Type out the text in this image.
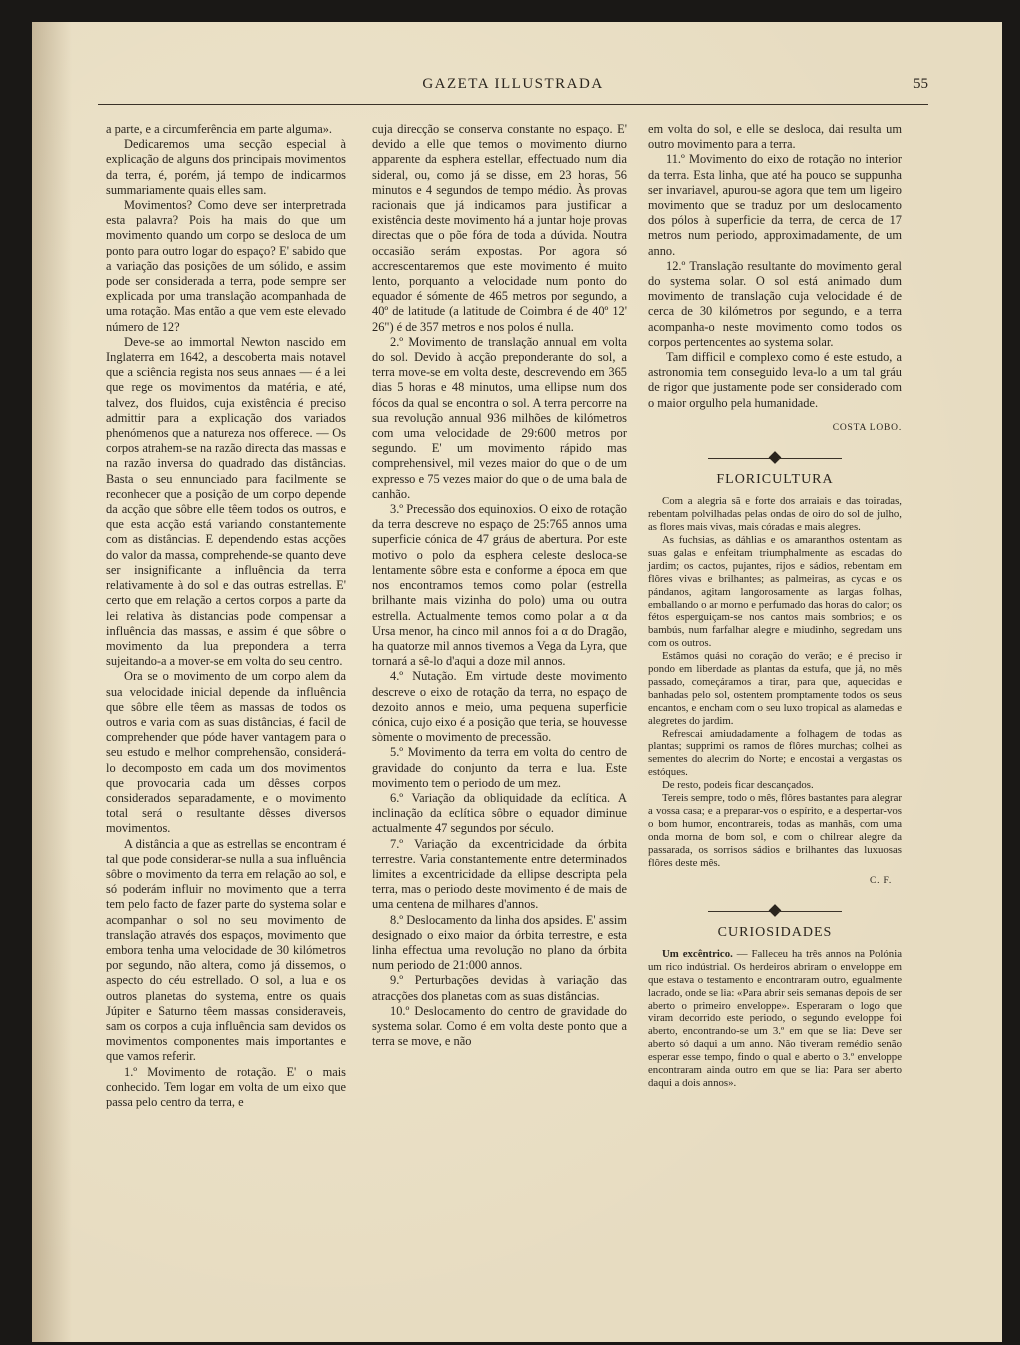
GAZETA ILLUSTRADA	55

a parte, e a circumferência em parte alguma».

Dedicaremos uma secção especial à explicação de alguns dos principais movimentos da terra, é, porém, já tempo de indicarmos summariamente quais elles sam.

Movimentos? Como deve ser interpretrada esta palavra? Pois ha mais do que um movimento quando um corpo se desloca de um ponto para outro logar do espaço? E' sabido que a variação das posições de um sólido, e assim pode ser considerada a terra, pode sempre ser explicada por uma translação acompanhada de uma rotação. Mas então a que vem este elevado número de 12?

Deve-se ao immortal Newton nascido em Inglaterra em 1642, a descoberta mais notavel que a sciência regista nos seus annaes — é a lei que rege os movimentos da matéria, e até, talvez, dos fluidos, cuja existência é preciso admittir para a explicação dos variados phenómenos que a natureza nos offerece. — Os corpos atrahem-se na razão directa das massas e na razão inversa do quadrado das distâncias. Basta o seu ennunciado para facilmente se reconhecer que a posição de um corpo depende da acção que sôbre elle têem todos os outros, e que esta acção está variando constantemente com as distâncias. E dependendo estas acções do valor da massa, comprehende-se quanto deve ser insignificante a influência da terra relativamente à do sol e das outras estrellas. E' certo que em relação a certos corpos a parte da lei relativa às distancias pode compensar a influência das massas, e assim é que sôbre o movimento da lua prepondera a terra sujeitando-a a mover-se em volta do seu centro.

Ora se o movimento de um corpo alem da sua velocidade inicial depende da influência que sôbre elle têem as massas de todos os outros e varia com as suas distâncias, é facil de comprehender que póde haver vantagem para o seu estudo e melhor comprehensão, considerá-lo decomposto em cada um dos movimentos que provocaria cada um dêsses corpos considerados separadamente, e o movimento total será o resultante dêsses diversos movimentos.

A distância a que as estrellas se encontram é tal que pode considerar-se nulla a sua influência sôbre o movimento da terra em relação ao sol, e só poderám influir no movimento que a terra tem pelo facto de fazer parte do systema solar e acompanhar o sol no seu movimento de translação através dos espaços, movimento que embora tenha uma velocidade de 30 kilómetros por segundo, não altera, como já dissemos, o aspecto do céu estrellado. O sol, a lua e os outros planetas do systema, entre os quais Júpiter e Saturno têem massas consideraveis, sam os corpos a cuja influência sam devidos os movimentos componentes mais importantes e que vamos referir.

1.º Movimento de rotação. E' o mais conhecido. Tem logar em volta de um eixo que passa pelo centro da terra, e

cuja direcção se conserva constante no espaço. E' devido a elle que temos o movimento diurno apparente da esphera estellar, effectuado num dia sideral, ou, como já se disse, em 23 horas, 56 minutos e 4 segundos de tempo médio. Às provas racionais que já indicamos para justificar a existência deste movimento há a juntar hoje provas directas que o põe fóra de toda a dúvida. Noutra occasião serám expostas. Por agora só accrescentaremos que este movimento é muito lento, porquanto a velocidade num ponto do equador é sómente de 465 metros por segundo, a 40º de latitude (a latitude de Coimbra é de 40º 12' 26") é de 357 metros e nos polos é nulla.

2.º Movimento de translação annual em volta do sol. Devido à acção preponderante do sol, a terra move-se em volta deste, descrevendo em 365 dias 5 horas e 48 minutos, uma ellipse num dos fócos da qual se encontra o sol. A terra percorre na sua revolução annual 936 milhões de kilómetros com uma velocidade de 29:600 metros por segundo. E' um movimento rápido mas comprehensivel, mil vezes maior do que o de um expresso e 75 vezes maior do que o de uma bala de canhão.

3.º Precessão dos equinoxios. O eixo de rotação da terra descreve no espaço de 25:765 annos uma superficie cónica de 47 gráus de abertura. Por este motivo o polo da esphera celeste desloca-se lentamente sôbre esta e conforme a época em que nos encontramos temos como polar (estrella brilhante mais vizinha do polo) uma ou outra estrella. Actualmente temos como polar a α da Ursa menor, ha cinco mil annos foi a α do Dragão, ha quatorze mil annos tivemos a Vega da Lyra, que tornará a sê-lo d'aqui a doze mil annos.

4.º Nutação. Em virtude deste movimento descreve o eixo de rotação da terra, no espaço de dezoito annos e meio, uma pequena superficie cónica, cujo eixo é a posição que teria, se houvesse sòmente o movimento de precessão.

5.º Movimento da terra em volta do centro de gravidade do conjunto da terra e lua. Este movimento tem o periodo de um mez.

6.º Variação da obliquidade da eclítica. A inclinação da eclítica sôbre o equador diminue actualmente 47 segundos por século.

7.º Variação da excentricidade da órbita terrestre. Varia constantemente entre determinados limites a excentricidade da ellipse descripta pela terra, mas o periodo deste movimento é de mais de uma centena de milhares d'annos.

8.º Deslocamento da linha dos apsides. E' assim designado o eixo maior da órbita terrestre, e esta linha effectua uma revolução no plano da órbita num periodo de 21:000 annos.

9.º Perturbações devidas à variação das atracções dos planetas com as suas distâncias.

10.º Deslocamento do centro de gravidade do systema solar. Como é em volta deste ponto que a terra se move, e não

em volta do sol, e elle se desloca, dai resulta um outro movimento para a terra.

11.º Movimento do eixo de rotação no interior da terra. Esta linha, que até ha pouco se suppunha ser invariavel, apurou-se agora que tem um ligeiro movimento que se traduz por um deslocamento dos pólos à superficie da terra, de cerca de 17 metros num periodo, approximadamente, de um anno.

12.º Translação resultante do movimento geral do systema solar. O sol está animado dum movimento de translação cuja velocidade é de cerca de 30 kilómetros por segundo, e a terra acompanha-o neste movimento como todos os corpos pertencentes ao systema solar.

Tam difficil e complexo como é este estudo, a astronomia tem conseguido leva-lo a um tal gráu de rigor que justamente pode ser considerado com o maior orgulho pela humanidade.

COSTA LOBO.
FLORICULTURA

Com a alegria sã e forte dos arraiais e das toiradas, rebentam polvilhadas pelas ondas de oiro do sol de julho, as flores mais vivas, mais córadas e mais alegres.

As fuchsias, as dáhlias e os amaranthos ostentam as suas galas e enfeitam triumphalmente as escadas do jardim; os cactos, pujantes, rijos e sádios, rebentam em flôres vivas e brilhantes; as palmeiras, as cycas e os pándanos, agitam langorosamente as largas folhas, emballando o ar morno e perfumado das horas do calor; os fétos esperguiçam-se nos cantos mais sombrios; e os bambús, num farfalhar alegre e miudinho, segredam uns com os outros.

Estâmos quási no coração do verão; e é preciso ir pondo em liberdade as plantas da estufa, que já, no mês passado, começáramos a tirar, para que, aquecidas e banhadas pelo sol, ostentem promptamente todos os seus encantos, e encham com o seu luxo tropical as alamedas e alegretes do jardim.

Refrescai amiudadamente a folhagem de todas as plantas; supprimi os ramos de flôres murchas; colhei as sementes do alecrim do Norte; e encostai a vergastas os estóques.

De resto, podeis ficar descançados.

Tereis sempre, todo o mês, flôres bastantes para alegrar a vossa casa; e a preparar-vos o espírito, e a despertar-vos o bom humor, encontrareis, todas as manhãs, com uma onda morna de bom sol, e com o chilrear alegre da passarada, os sorrisos sádios e brilhantes das luxuosas flôres deste mês.

C. F.
CURIOSIDADES

Um excêntrico. — Falleceu ha três annos na Polónia um rico indústrial. Os herdeiros abriram o enveloppe em que estava o testamento e encontraram outro, egualmente lacrado, onde se lia: «Para abrir seis semanas depois de ser aberto o primeiro enveloppe». Esperaram o logo que viram decorrido este periodo, o segundo eveloppe foi aberto, encontrando-se um 3.º em que se lia: Deve ser aberto só daqui a um anno. Não tiveram remédio senão esperar esse tempo, findo o qual e aberto o 3.º enveloppe encontraram ainda outro em que se lia: Para ser aberto daqui a dois annos».
